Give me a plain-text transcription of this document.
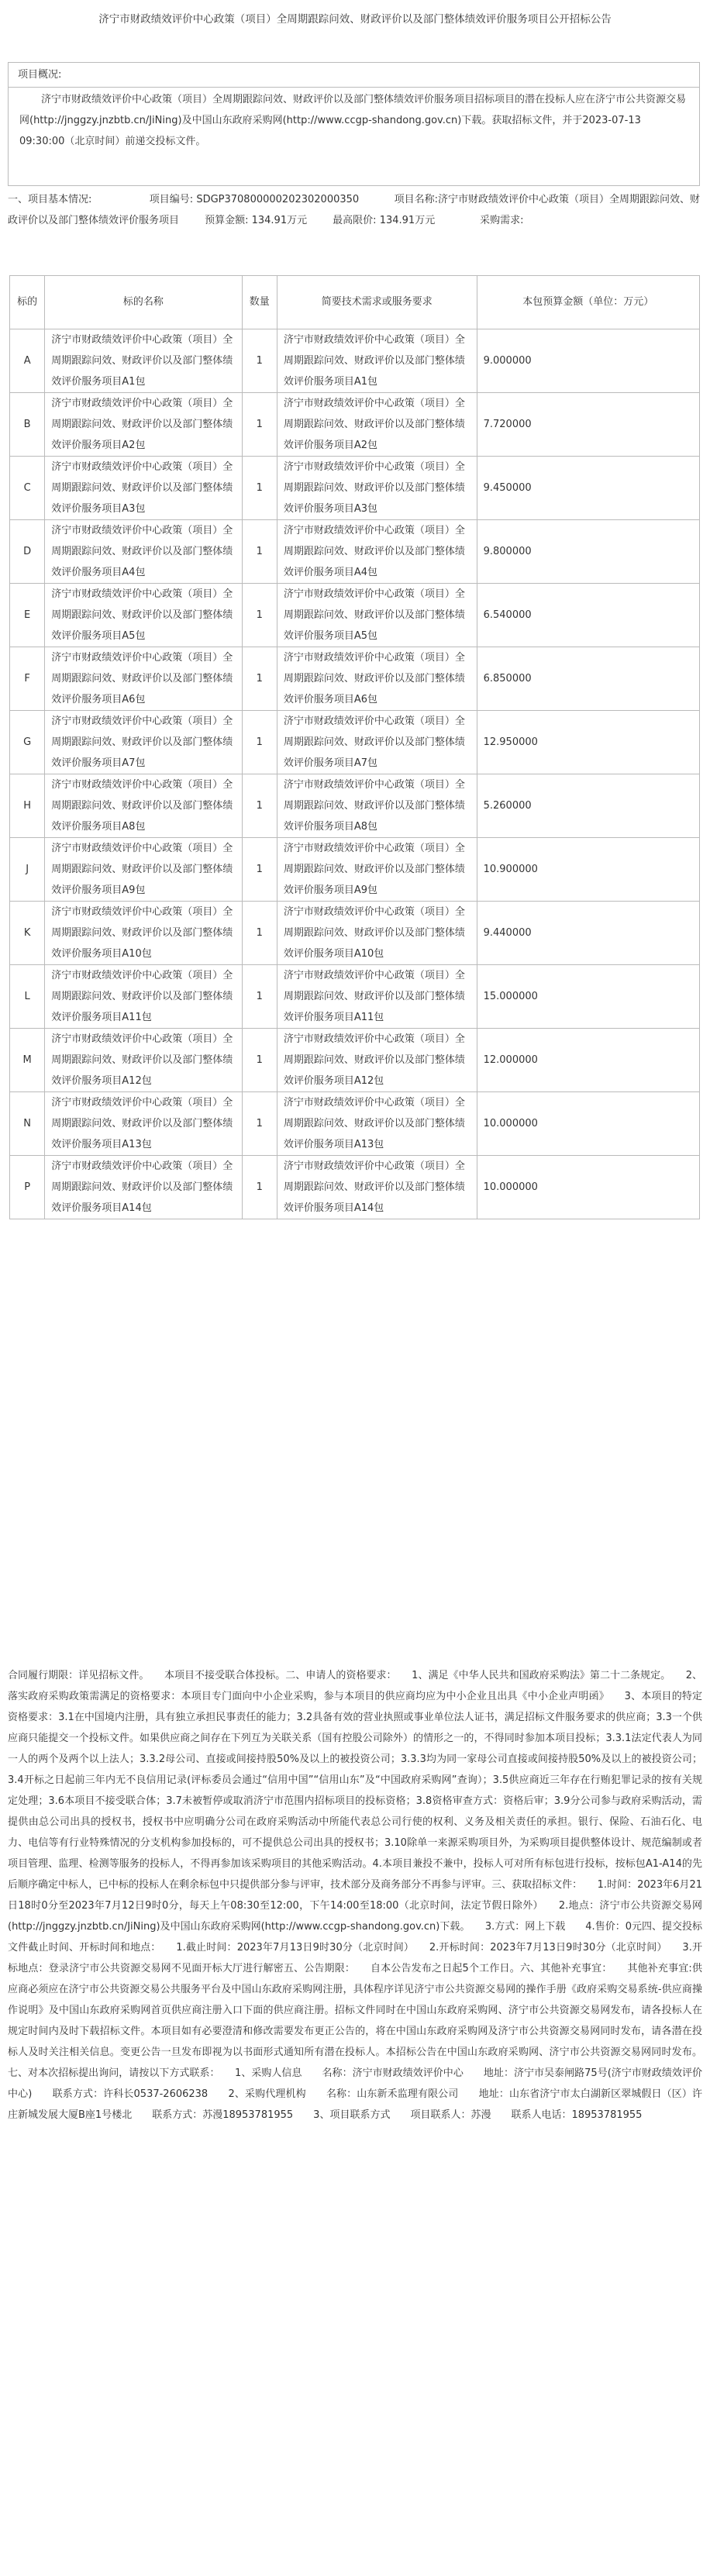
济宁市财政绩效评价中心政策（项目）全周期跟踪问效、财政评价以及部门整体绩效评价服务项目公开招标公告
项目概况:
济宁市财政绩效评价中心政策（项目）全周期跟踪问效、财政评价以及部门整体绩效评价服务项目招标项目的潜在投标人应在济宁市公共资源交易网(http://jnggzy.jnzbtb.cn/JiNing)及中国山东政府采购网(http://www.ccgp-shandong.gov.cn)下载。获取招标文件，并于2023-07-13 09:30:00（北京时间）前递交投标文件。
一、项目基本情况:	项目编号: SDGP370800000202302000350	项目名称:济宁市财政绩效评价中心政策（项目）全周期跟踪问效、财政评价以及部门整体绩效评价服务项目	预算金额: 134.91万元	最高限价: 134.91万元	采购需求:
标的	标的名称	数量	简要技术需求或服务要求	本包预算金额（单位：万元）
A	济宁市财政绩效评价中心政策（项目）全周期跟踪问效、财政评价以及部门整体绩效评价服务项目A1包	1	济宁市财政绩效评价中心政策（项目）全周期跟踪问效、财政评价以及部门整体绩效评价服务项目A1包	9.000000
B	济宁市财政绩效评价中心政策（项目）全周期跟踪问效、财政评价以及部门整体绩效评价服务项目A2包	1	济宁市财政绩效评价中心政策（项目）全周期跟踪问效、财政评价以及部门整体绩效评价服务项目A2包	7.720000
C	济宁市财政绩效评价中心政策（项目）全周期跟踪问效、财政评价以及部门整体绩效评价服务项目A3包	1	济宁市财政绩效评价中心政策（项目）全周期跟踪问效、财政评价以及部门整体绩效评价服务项目A3包	9.450000
D	济宁市财政绩效评价中心政策（项目）全周期跟踪问效、财政评价以及部门整体绩效评价服务项目A4包	1	济宁市财政绩效评价中心政策（项目）全周期跟踪问效、财政评价以及部门整体绩效评价服务项目A4包	9.800000
E	济宁市财政绩效评价中心政策（项目）全周期跟踪问效、财政评价以及部门整体绩效评价服务项目A5包	1	济宁市财政绩效评价中心政策（项目）全周期跟踪问效、财政评价以及部门整体绩效评价服务项目A5包	6.540000
F	济宁市财政绩效评价中心政策（项目）全周期跟踪问效、财政评价以及部门整体绩效评价服务项目A6包	1	济宁市财政绩效评价中心政策（项目）全周期跟踪问效、财政评价以及部门整体绩效评价服务项目A6包	6.850000
G	济宁市财政绩效评价中心政策（项目）全周期跟踪问效、财政评价以及部门整体绩效评价服务项目A7包	1	济宁市财政绩效评价中心政策（项目）全周期跟踪问效、财政评价以及部门整体绩效评价服务项目A7包	12.950000
H	济宁市财政绩效评价中心政策（项目）全周期跟踪问效、财政评价以及部门整体绩效评价服务项目A8包	1	济宁市财政绩效评价中心政策（项目）全周期跟踪问效、财政评价以及部门整体绩效评价服务项目A8包	5.260000
J	济宁市财政绩效评价中心政策（项目）全周期跟踪问效、财政评价以及部门整体绩效评价服务项目A9包	1	济宁市财政绩效评价中心政策（项目）全周期跟踪问效、财政评价以及部门整体绩效评价服务项目A9包	10.900000
K	济宁市财政绩效评价中心政策（项目）全周期跟踪问效、财政评价以及部门整体绩效评价服务项目A10包	1	济宁市财政绩效评价中心政策（项目）全周期跟踪问效、财政评价以及部门整体绩效评价服务项目A10包	9.440000
L	济宁市财政绩效评价中心政策（项目）全周期跟踪问效、财政评价以及部门整体绩效评价服务项目A11包	1	济宁市财政绩效评价中心政策（项目）全周期跟踪问效、财政评价以及部门整体绩效评价服务项目A11包	15.000000
M	济宁市财政绩效评价中心政策（项目）全周期跟踪问效、财政评价以及部门整体绩效评价服务项目A12包	1	济宁市财政绩效评价中心政策（项目）全周期跟踪问效、财政评价以及部门整体绩效评价服务项目A12包	12.000000
N	济宁市财政绩效评价中心政策（项目）全周期跟踪问效、财政评价以及部门整体绩效评价服务项目A13包	1	济宁市财政绩效评价中心政策（项目）全周期跟踪问效、财政评价以及部门整体绩效评价服务项目A13包	10.000000
P	济宁市财政绩效评价中心政策（项目）全周期跟踪问效、财政评价以及部门整体绩效评价服务项目A14包	1	济宁市财政绩效评价中心政策（项目）全周期跟踪问效、财政评价以及部门整体绩效评价服务项目A14包	10.000000
合同履行期限：详见招标文件。　　本项目不接受联合体投标。二、申请人的资格要求：　　1、满足《中华人民共和国政府采购法》第二十二条规定。　　2、落实政府采购政策需满足的资格要求：本项目专门面向中小企业采购，参与本项目的供应商均应为中小企业且出具《中小企业声明函》　　3、本项目的特定资格要求：3.1在中国境内注册，具有独立承担民事责任的能力；3.2具备有效的营业执照或事业单位法人证书，满足招标文件服务要求的供应商；3.3一个供应商只能提交一个投标文件。如果供应商之间存在下列互为关联关系（国有控股公司除外）的情形之一的，不得同时参加本项目投标；3.3.1法定代表人为同一人的两个及两个以上法人；3.3.2母公司、直接或间接持股50%及以上的被投资公司；3.3.3均为同一家母公司直接或间接持股50%及以上的被投资公司；3.4开标之日起前三年内无不良信用记录(评标委员会通过“信用中国”“信用山东”及“中国政府采购网”查询）；3.5供应商近三年存在行贿犯罪记录的按有关规定处理；3.6本项目不接受联合体；3.7未被暂停或取消济宁市范围内招标项目的投标资格；3.8资格审查方式：资格后审；3.9分公司参与政府采购活动，需提供由总公司出具的授权书，授权书中应明确分公司在政府采购活动中所能代表总公司行使的权利、义务及相关责任的承担。银行、保险、石油石化、电力、电信等有行业特殊情况的分支机构参加投标的，可不提供总公司出具的授权书；3.10除单一来源采购项目外，为采购项目提供整体设计、规范编制或者项目管理、监理、检测等服务的投标人，不得再参加该采购项目的其他采购活动。4.本项目兼投不兼中，投标人可对所有标包进行投标，按标包A1-A14的先后顺序确定中标人，已中标的投标人在剩余标包中只提供部分参与评审，技术部分及商务部分不再参与评审。三、获取招标文件：　　1.时间：2023年6月21日18时0分至2023年7月12日9时0分，每天上午08:30至12:00，下午14:00至18:00（北京时间，法定节假日除外）　　2.地点：济宁市公共资源交易网(http://jnggzy.jnzbtb.cn/JiNing)及中国山东政府采购网(http://www.ccgp-shandong.gov.cn)下载。　　3.方式：网上下载　　4.售价：0元四、提交投标文件截止时间、开标时间和地点：　　1.截止时间：2023年7月13日9时30分（北京时间）　　2.开标时间：2023年7月13日9时30分（北京时间）　　3.开标地点：登录济宁市公共资源交易网不见面开标大厅进行解密五、公告期限：　　自本公告发布之日起5个工作日。六、其他补充事宜：　　其他补充事宜:供应商必须应在济宁市公共资源交易公共服务平台及中国山东政府采购网注册，具体程序详见济宁市公共资源交易网的操作手册《政府采购交易系统-供应商操作说明》及中国山东政府采购网首页供应商注册入口下面的供应商注册。招标文件同时在中国山东政府采购网、济宁市公共资源交易网发布，请各投标人在规定时间内及时下载招标文件。本项目如有必要澄清和修改需要发布更正公告的，将在中国山东政府采购网及济宁市公共资源交易网同时发布，请各潜在投标人及时关注相关信息。变更公告一旦发布即视为以书面形式通知所有潜在投标人。本招标公告在中国山东政府采购网、济宁市公共资源交易网同时发布。七、对本次招标提出询问，请按以下方式联系：　　1、采购人信息　　名称：济宁市财政绩效评价中心　　地址：济宁市吴泰闸路75号(济宁市财政绩效评价中心)　　联系方式：许科长0537-2606238　　2、采购代理机构　　名称：山东新禾监理有限公司　　地址：山东省济宁市太白湖新区翠城假日（区）许庄新城发展大厦B座1号楼北　　联系方式：苏漫18953781955　　3、项目联系方式　　项目联系人：苏漫　　联系人电话：18953781955
